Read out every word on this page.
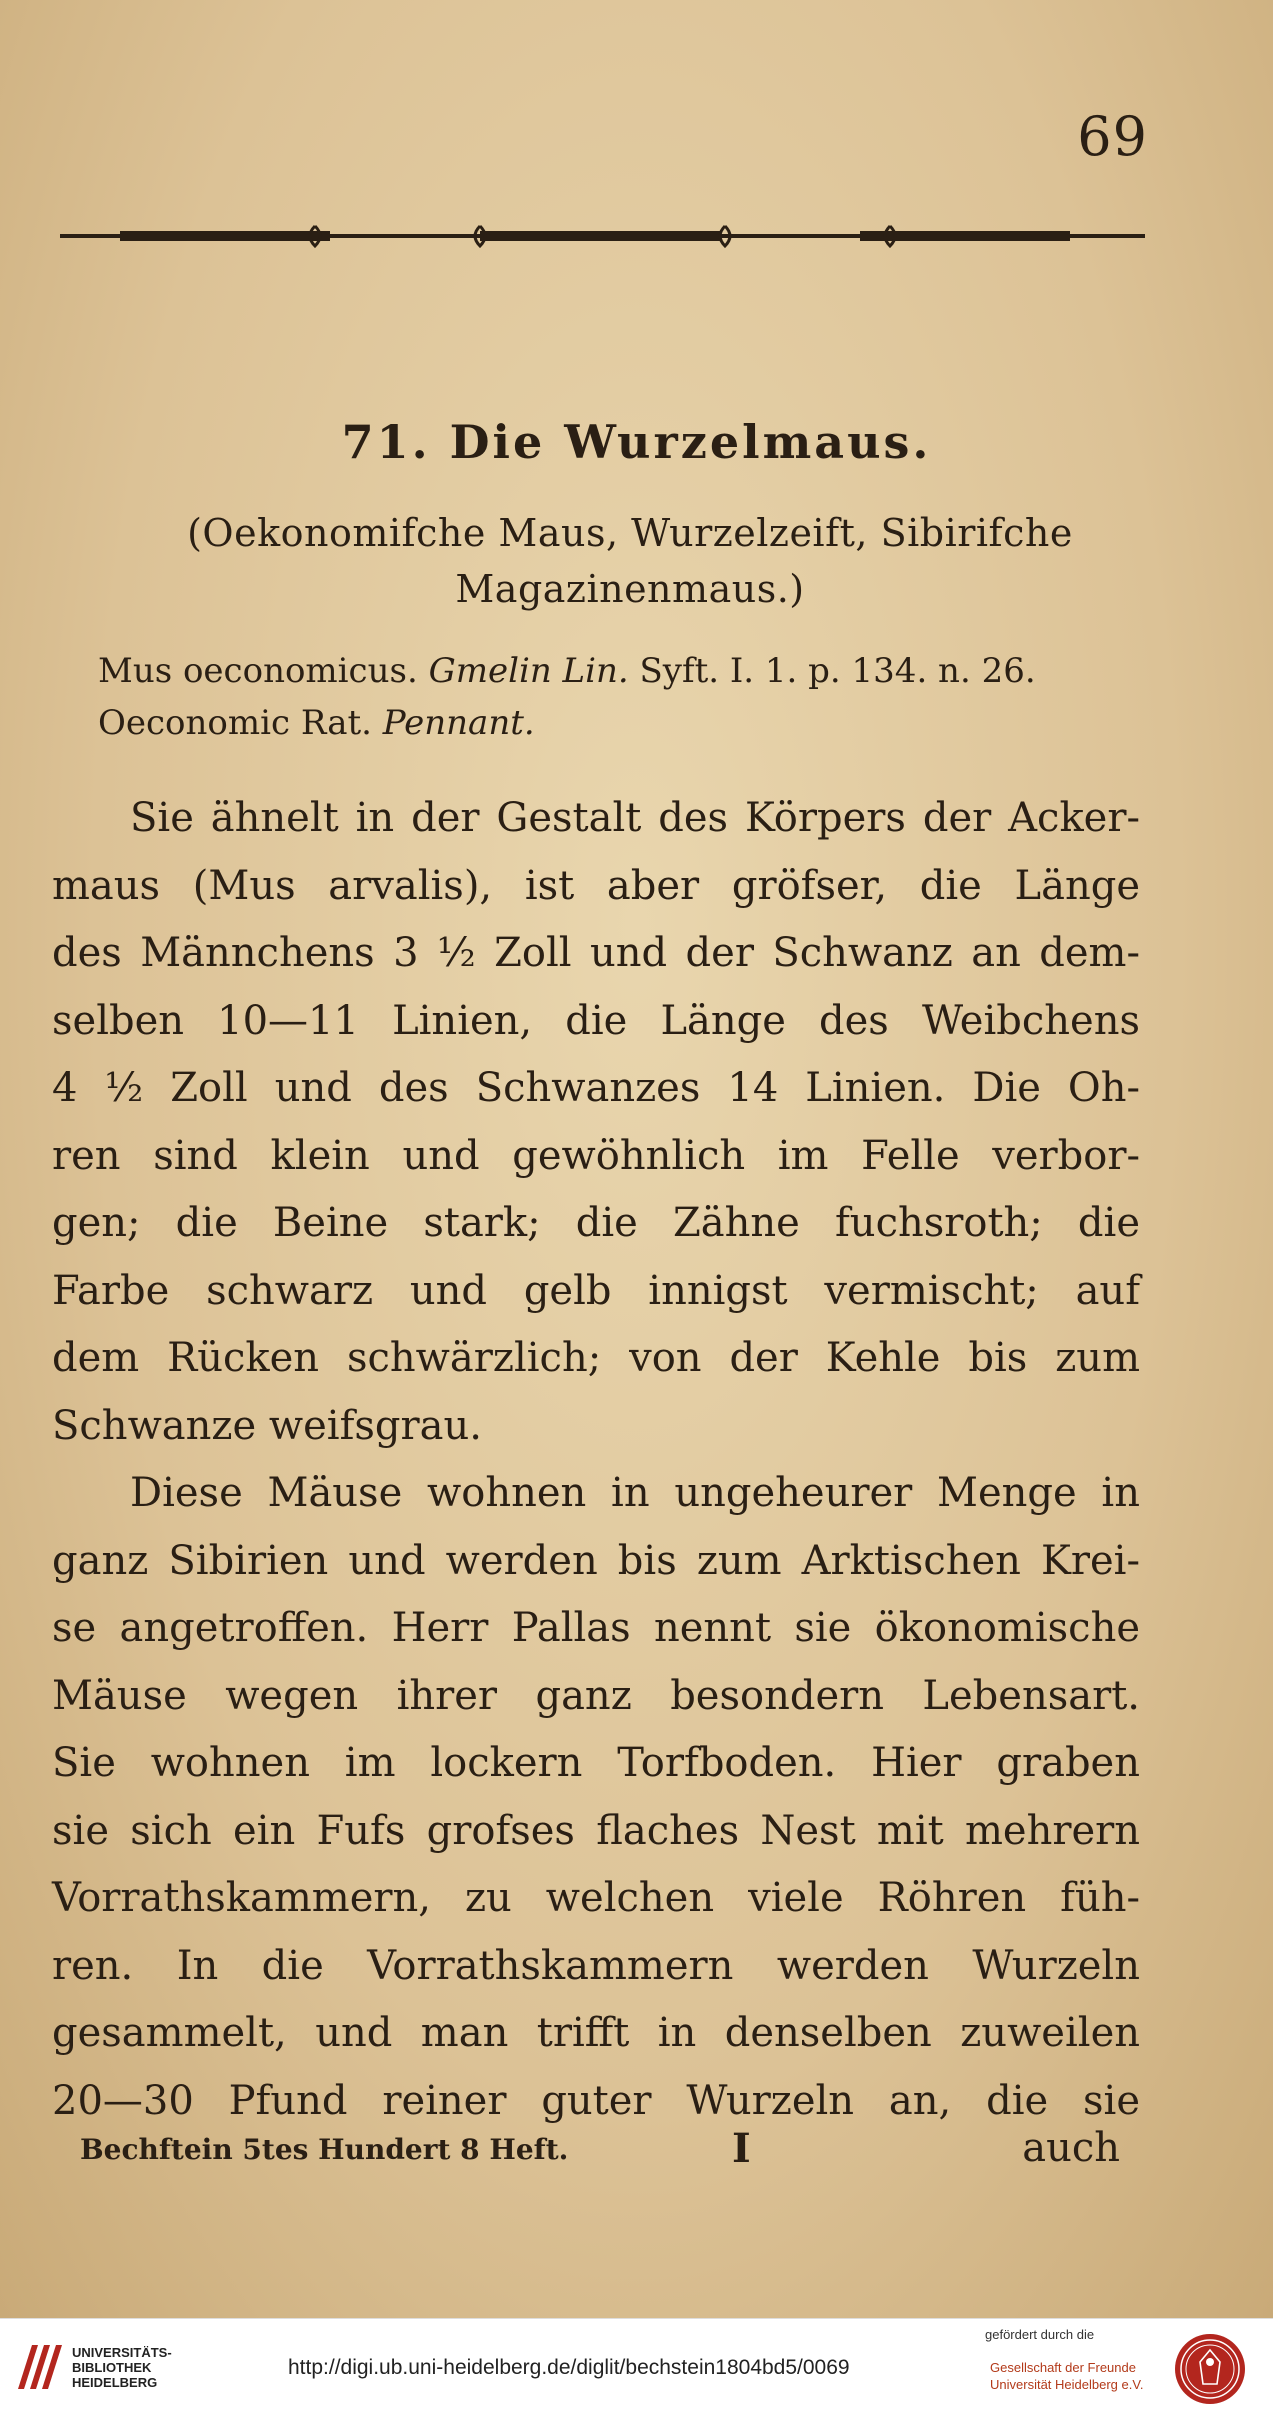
69
71. Die Wurzelmaus.
(Oekonomifche Maus, Wurzelzeift, Sibirifche
Magazinenmaus.)
Mus oeconomicus. Gmelin Lin. Syft. I. 1. p. 134. n. 26.
Oeconomic Rat. Pennant.
Sie ähnelt in der Gestalt des Körpers der Acker-
maus (Mus arvalis), ist aber gröfser, die Länge
des Männchens 3 ½ Zoll und der Schwanz an dem-
selben 10—11 Linien, die Länge des Weibchens
4 ½ Zoll und des Schwanzes 14 Linien. Die Oh-
ren sind klein und gewöhnlich im Felle verbor-
gen; die Beine stark; die Zähne fuchsroth; die
Farbe schwarz und gelb innigst vermischt; auf
dem Rücken schwärzlich; von der Kehle bis zum
Schwanze weifsgrau.
Diese Mäuse wohnen in ungeheurer Menge in
ganz Sibirien und werden bis zum Arktischen Krei-
se angetroffen. Herr Pallas nennt sie ökonomische
Mäuse wegen ihrer ganz besondern Lebensart.
Sie wohnen im lockern Torfboden. Hier graben
sie sich ein Fufs grofses flaches Nest mit mehrern
Vorrathskammern, zu welchen viele Röhren füh-
ren. In die Vorrathskammern werden Wurzeln
gesammelt, und man trifft in denselben zuweilen
20—30 Pfund reiner guter Wurzeln an, die sie
Bechftein 5tes Hundert 8 Heft.	I	auch
UNIVERSITÄTS-
BIBLIOTHEK
HEIDELBERG
http://digi.ub.uni-heidelberg.de/diglit/bechstein1804bd5/0069
gefördert durch die
Gesellschaft der Freunde
Universität Heidelberg e.V.
